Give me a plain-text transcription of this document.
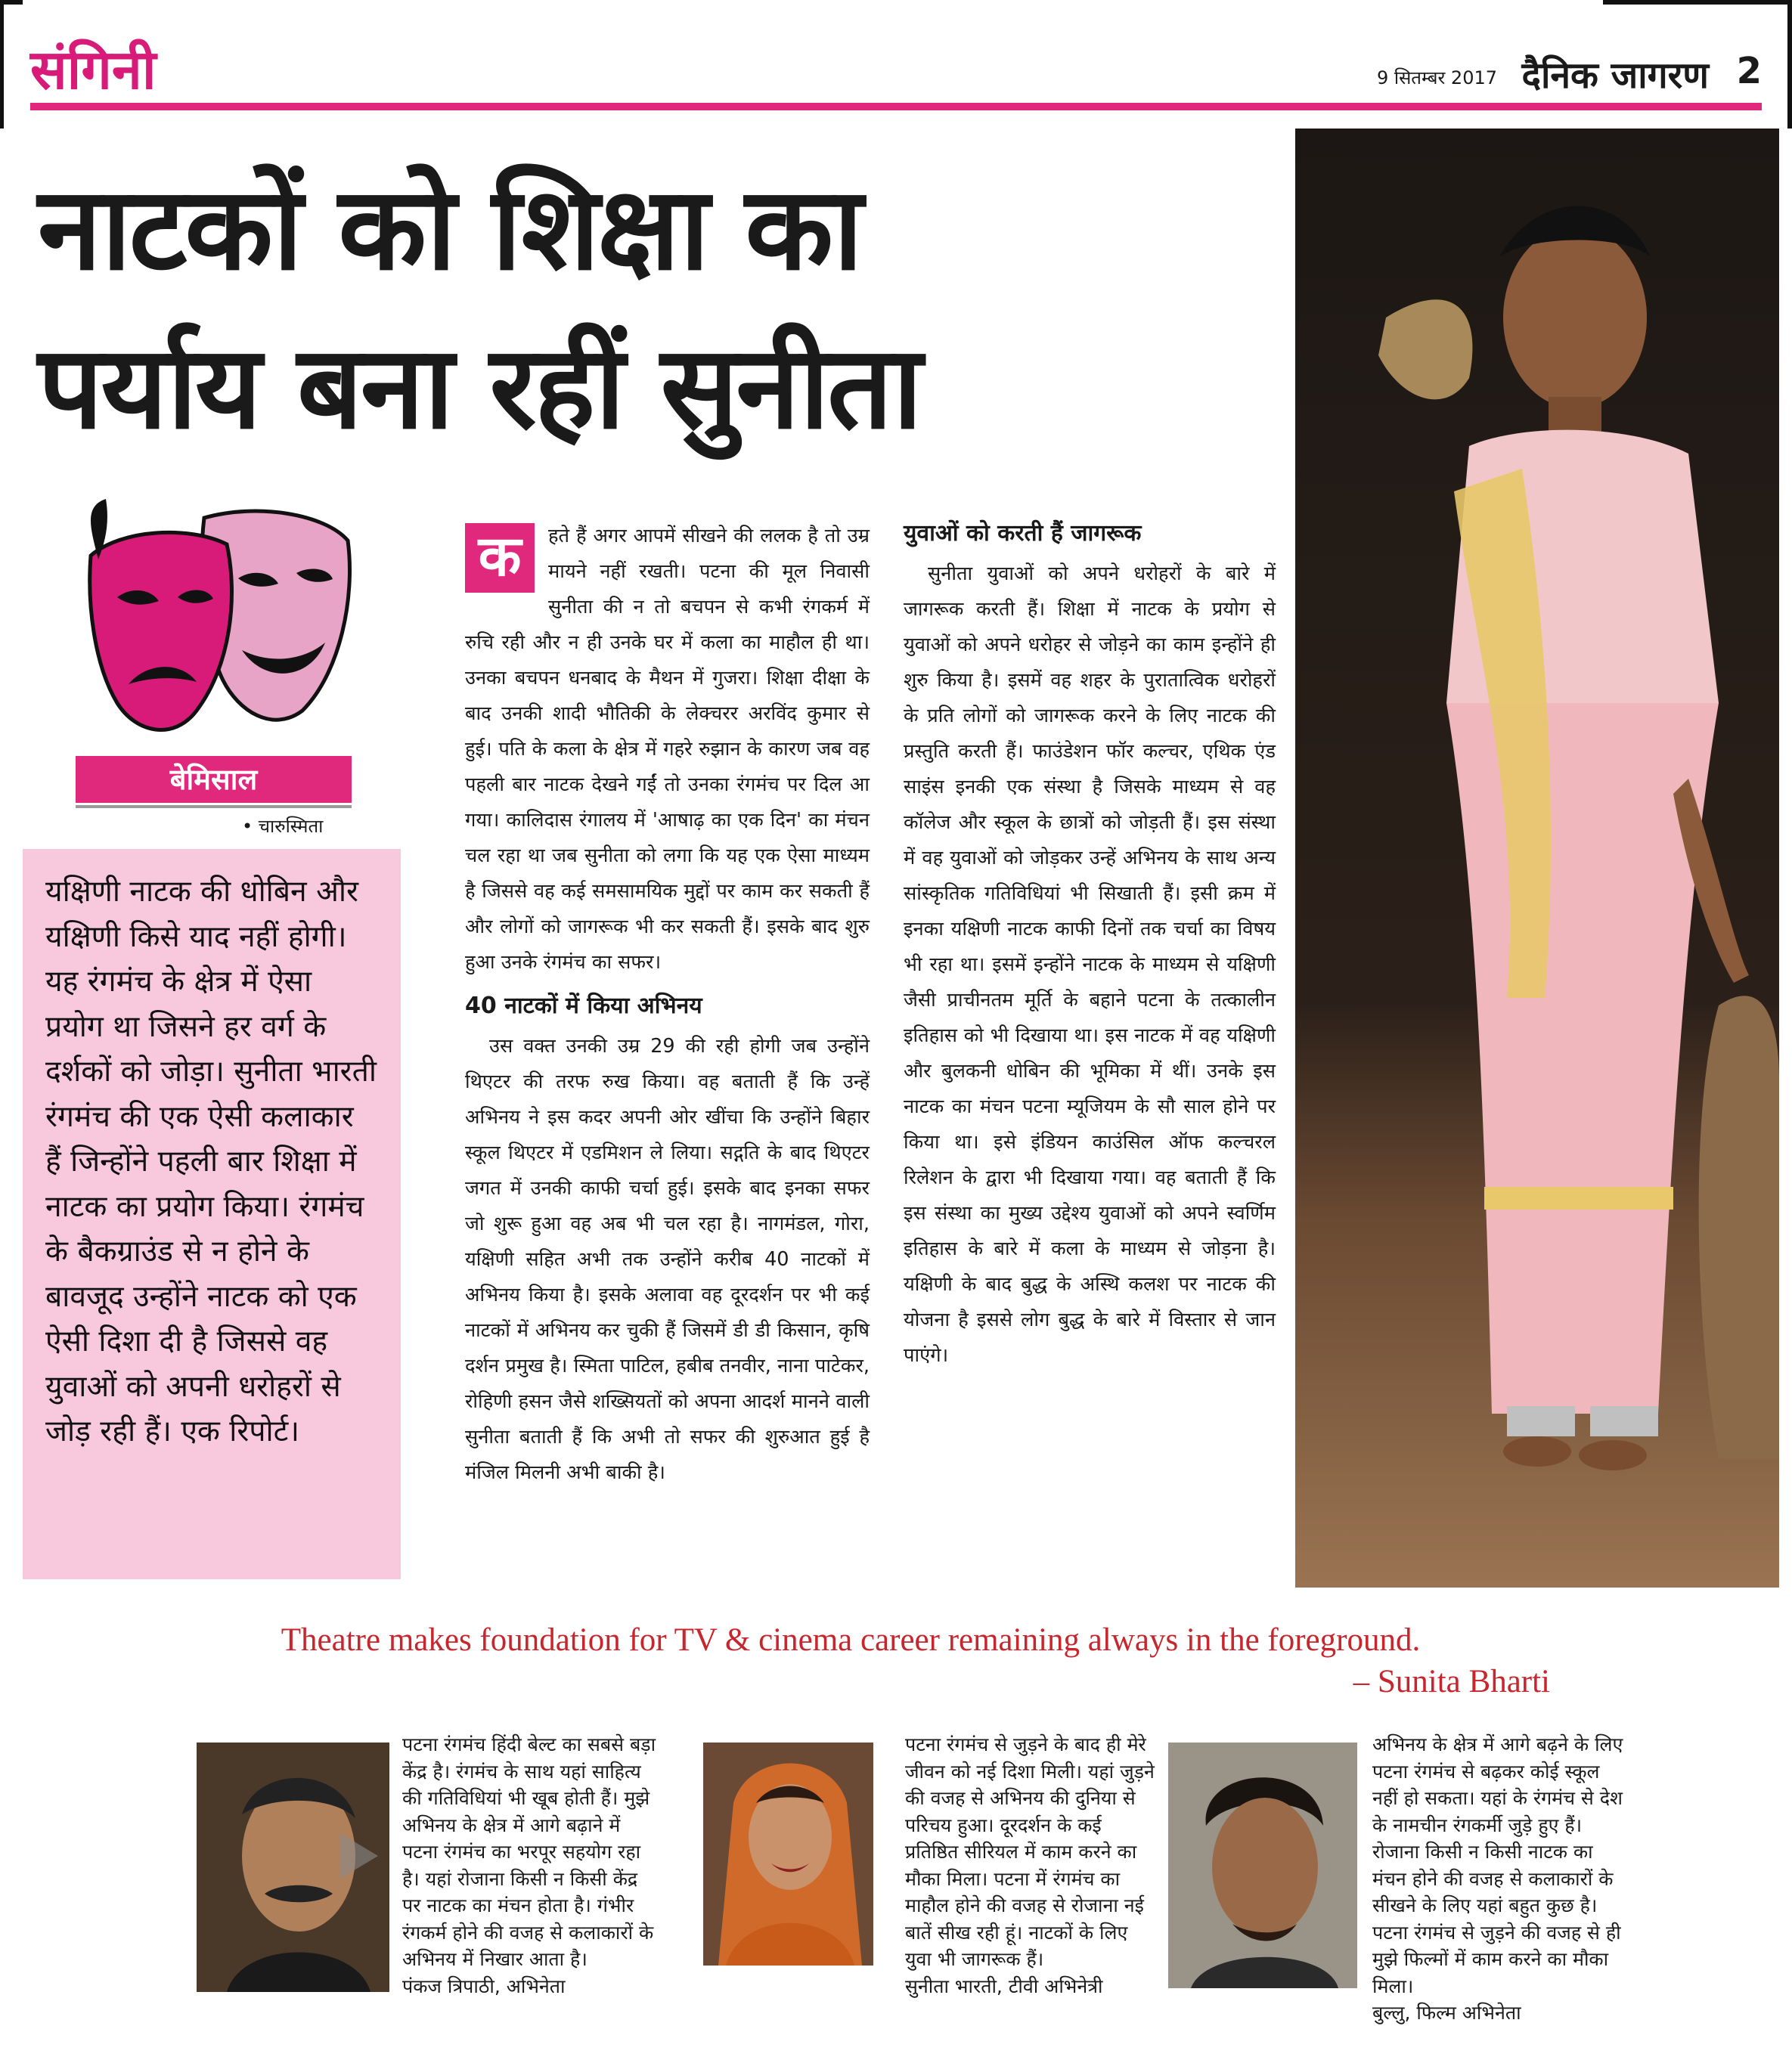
संगिनी	9 सितम्बर 2017 दैनिक जागरण 2
नाटकों को शिक्षा का
पर्याय बना रहीं सुनीता
बेमिसाल
• चारुस्मिता
यक्षिणी नाटक की धोबिन और यक्षिणी किसे याद नहीं होगी। यह रंगमंच के क्षेत्र में ऐसा प्रयोग था जिसने हर वर्ग के दर्शकों को जोड़ा। सुनीता भारती रंगमंच की एक ऐसी कलाकार हैं जिन्होंने पहली बार शिक्षा में नाटक का प्रयोग किया। रंगमंच के बैकग्राउंड से न होने के बावजूद उन्होंने नाटक को एक ऐसी दिशा दी है जिससे वह युवाओं को अपनी धरोहरों से जोड़ रही हैं। एक रिपोर्ट।
क	हते हैं अगर आपमें सीखने की ललक है तो उम्र मायने नहीं रखती। पटना की मूल निवासी सुनीता की न तो बचपन से कभी रंगकर्म में रुचि रही और न ही उनके घर में कला का माहौल ही था। उनका बचपन धनबाद के मैथन में गुजरा। शिक्षा दीक्षा के बाद उनकी शादी भौतिकी के लेक्चरर अरविंद कुमार से हुई। पति के कला के क्षेत्र में गहरे रुझान के कारण जब वह पहली बार नाटक देखने गईं तो उनका रंगमंच पर दिल आ गया। कालिदास रंगालय में 'आषाढ़ का एक दिन' का मंचन चल रहा था जब सुनीता को लगा कि यह एक ऐसा माध्यम है जिससे वह कई समसामयिक मुद्दों पर काम कर सकती हैं और लोगों को जागरूक भी कर सकती हैं। इसके बाद शुरु हुआ उनके रंगमंच का सफर।

40 नाटकों में किया अभिनय

उस वक्त उनकी उम्र 29 की रही होगी जब उन्होंने थिएटर की तरफ रुख किया। वह बताती हैं कि उन्हें अभिनय ने इस कदर अपनी ओर खींचा कि उन्होंने बिहार स्कूल थिएटर में एडमिशन ले लिया। सद्गति के बाद थिएटर जगत में उनकी काफी चर्चा हुई। इसके बाद इनका सफर जो शुरू हुआ वह अब भी चल रहा है। नागमंडल, गोरा, यक्षिणी सहित अभी तक उन्होंने करीब 40 नाटकों में अभिनय किया है। इसके अलावा वह दूरदर्शन पर भी कई नाटकों में अभिनय कर चुकी हैं जिसमें डी डी किसान, कृषि दर्शन प्रमुख है। स्मिता पाटिल, हबीब तनवीर, नाना पाटेकर, रोहिणी हसन जैसे शख्सियतों को अपना आदर्श मानने वाली सुनीता बताती हैं कि अभी तो सफर की शुरुआत हुई है मंजिल मिलनी अभी बाकी है।

युवाओं को करती हैं जागरूक

सुनीता युवाओं को अपने धरोहरों के बारे में जागरूक करती हैं। शिक्षा में नाटक के प्रयोग से युवाओं को अपने धरोहर से जोड़ने का काम इन्होंने ही शुरु किया है। इसमें वह शहर के पुरातात्विक धरोहरों के प्रति लोगों को जागरूक करने के लिए नाटक की प्रस्तुति करती हैं। फाउंडेशन फॉर कल्चर, एथिक एंड साइंस इनकी एक संस्था है जिसके माध्यम से वह कॉलेज और स्कूल के छात्रों को जोड़ती हैं। इस संस्था में वह युवाओं को जोड़कर उन्हें अभिनय के साथ अन्य सांस्कृतिक गतिविधियां भी सिखाती हैं। इसी क्रम में इनका यक्षिणी नाटक काफी दिनों तक चर्चा का विषय भी रहा था। इसमें इन्होंने नाटक के माध्यम से यक्षिणी जैसी प्राचीनतम मूर्ति के बहाने पटना के तत्कालीन इतिहास को भी दिखाया था। इस नाटक में वह यक्षिणी और बुलकनी धोबिन की भूमिका में थीं। उनके इस नाटक का मंचन पटना म्यूजियम के सौ साल होने पर किया था। इसे इंडियन काउंसिल ऑफ कल्चरल रिलेशन के द्वारा भी दिखाया गया। वह बताती हैं कि इस संस्था का मुख्य उद्देश्य युवाओं को अपने स्वर्णिम इतिहास के बारे में कला के माध्यम से जोड़ना है। यक्षिणी के बाद बुद्ध के अस्थि कलश पर नाटक की योजना है इससे लोग बुद्ध के बारे में विस्तार से जान पाएंगे।

Theatre makes foundation for TV & cinema career remaining always in the foreground.
– Sunita Bharti
पटना रंगमंच हिंदी बेल्ट का सबसे बड़ा केंद्र है। रंगमंच के साथ यहां साहित्य की गतिविधियां भी खूब होती हैं। मुझे अभिनय के क्षेत्र में आगे बढ़ाने में पटना रंगमंच का भरपूर सहयोग रहा है। यहां रोजाना किसी न किसी केंद्र पर नाटक का मंचन होता है। गंभीर रंगकर्म होने की वजह से कलाकारों के अभिनय में निखार आता है।
पंकज त्रिपाठी, अभिनेता
पटना रंगमंच से जुड़ने के बाद ही मेरे जीवन को नई दिशा मिली। यहां जुड़ने की वजह से अभिनय की दुनिया से परिचय हुआ। दूरदर्शन के कई प्रतिष्ठित सीरियल में काम करने का मौका मिला। पटना में रंगमंच का माहौल होने की वजह से रोजाना नई बातें सीख रही हूं। नाटकों के लिए युवा भी जागरूक हैं।
सुनीता भारती, टीवी अभिनेत्री
अभिनय के क्षेत्र में आगे बढ़ने के लिए पटना रंगमंच से बढ़कर कोई स्कूल नहीं हो सकता। यहां के रंगमंच से देश के नामचीन रंगकर्मी जुड़े हुए हैं। रोजाना किसी न किसी नाटक का मंचन होने की वजह से कलाकारों के सीखने के लिए यहां बहुत कुछ है। पटना रंगमंच से जुड़ने की वजह से ही मुझे फिल्मों में काम करने का मौका मिला।
बुल्लु, फिल्म अभिनेता
